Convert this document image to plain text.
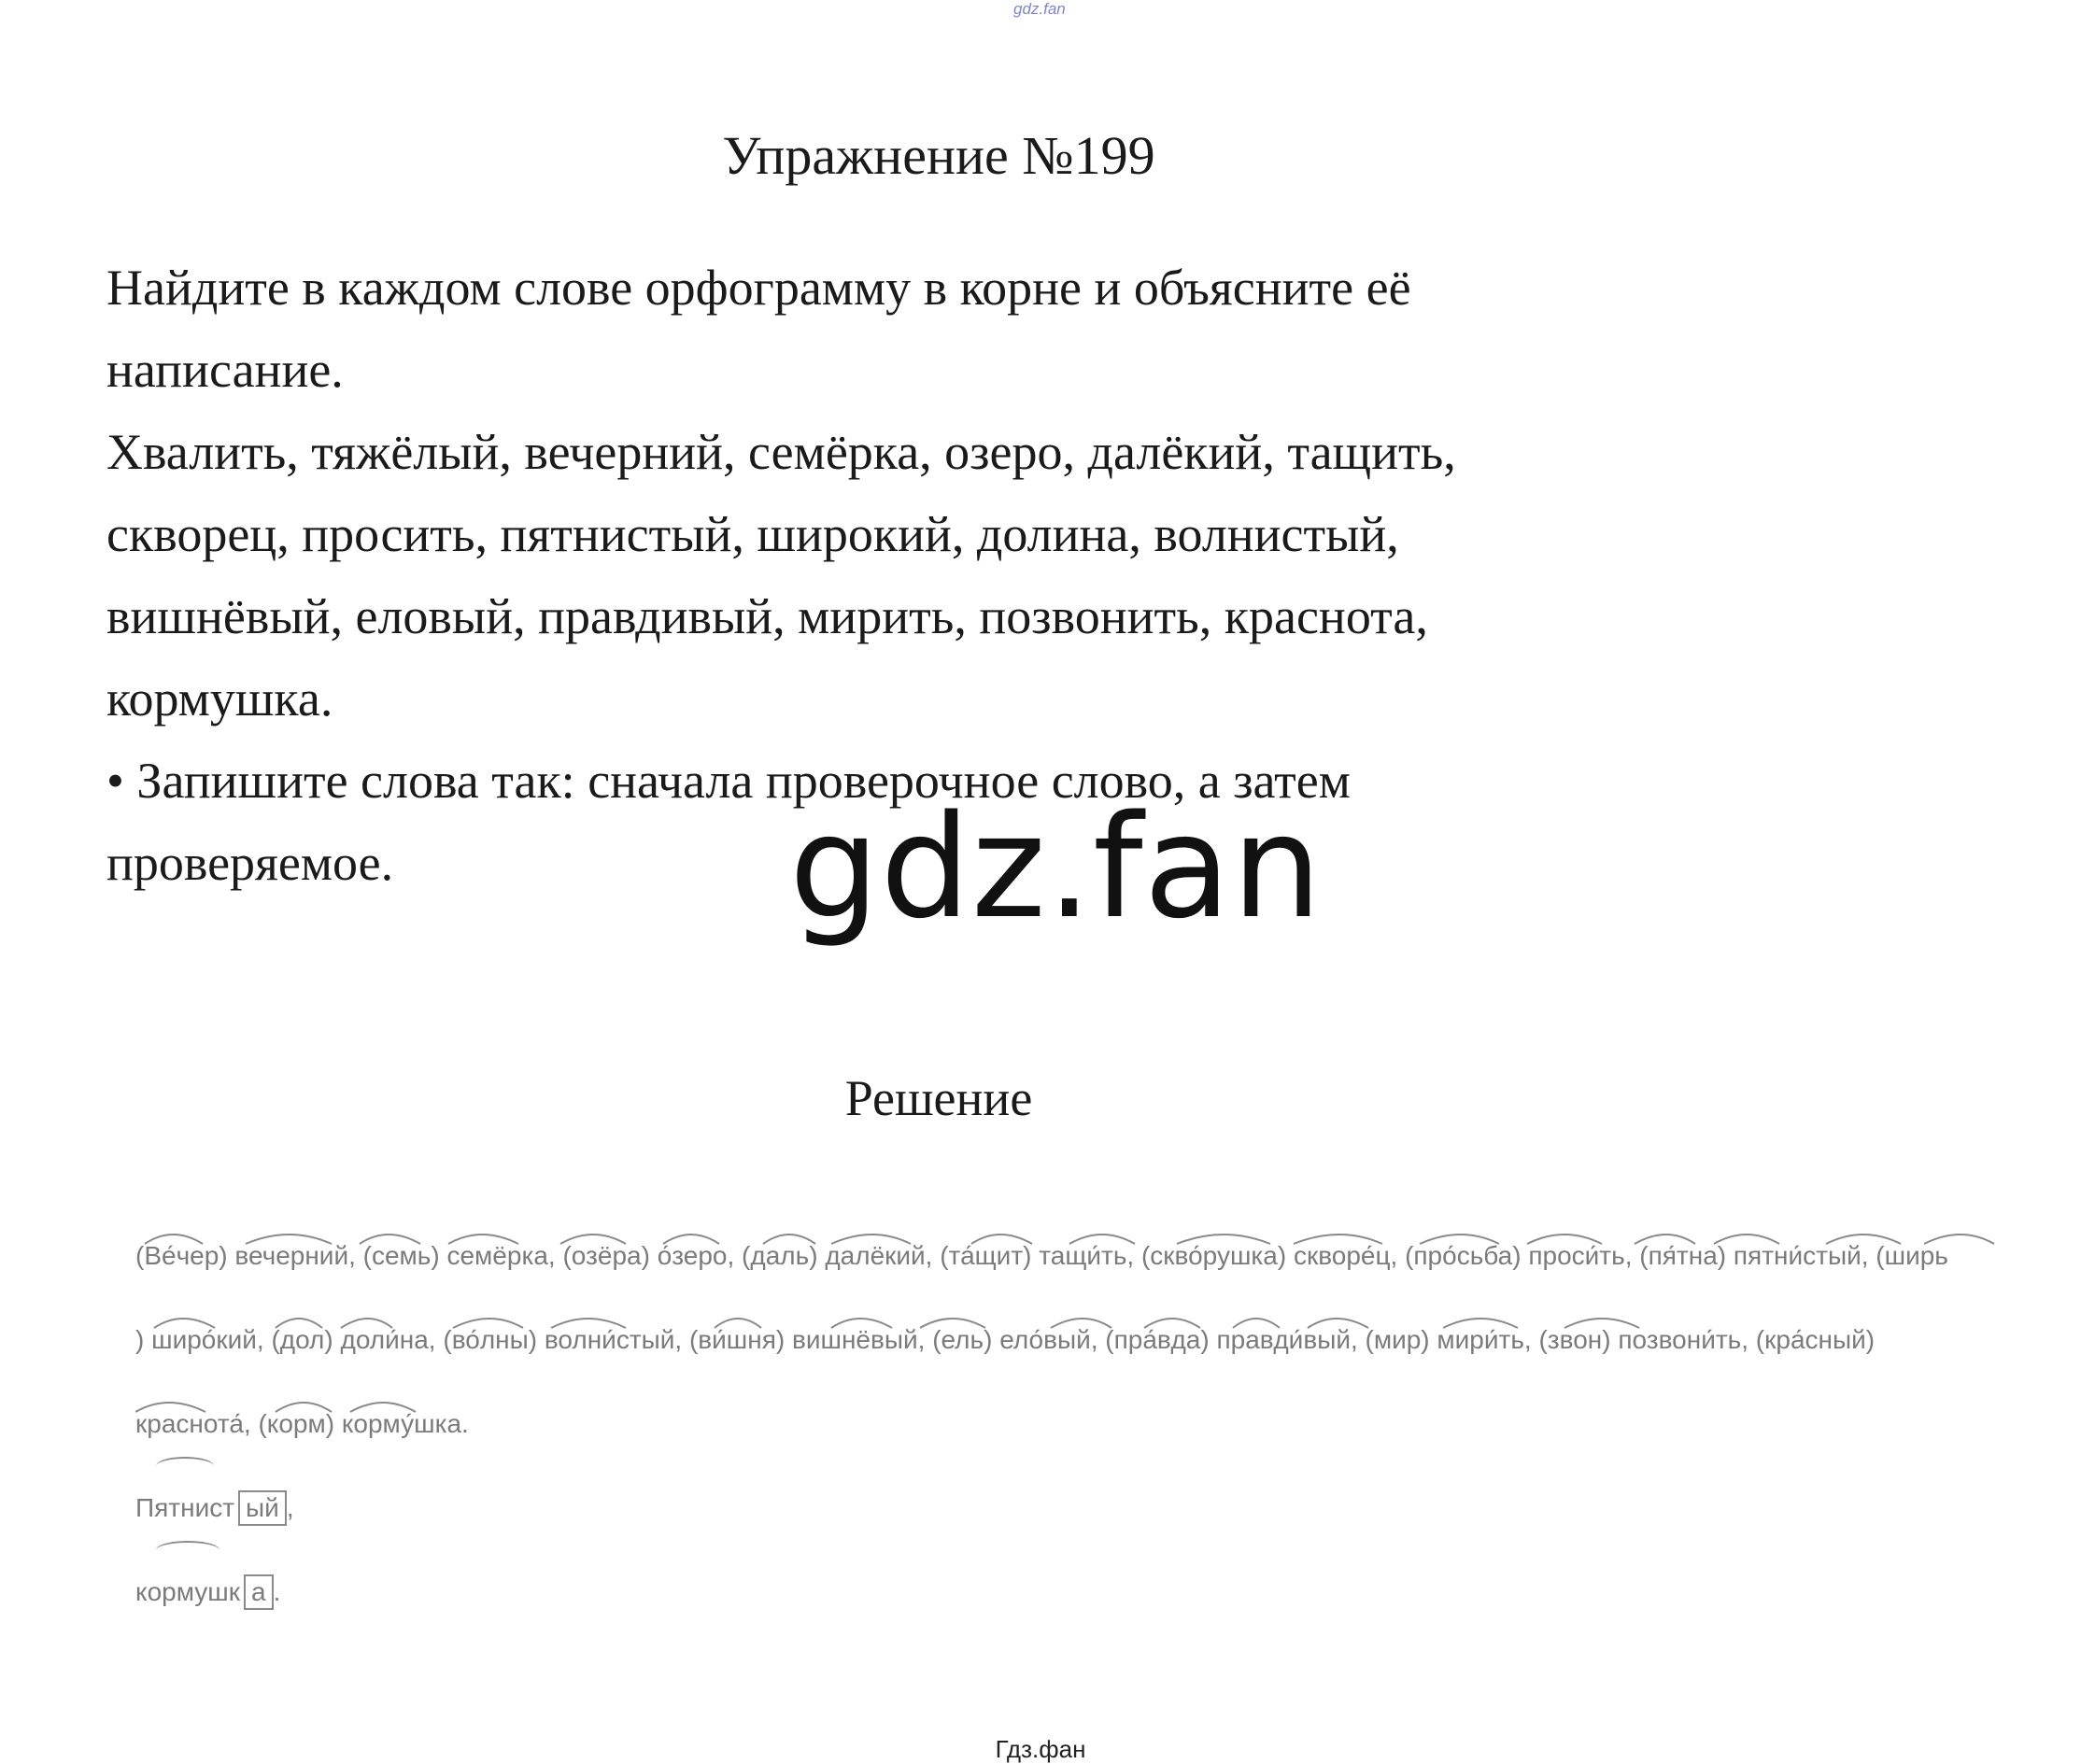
gdz.fan
Упражнение №199

Найдите в каждом слове орфограмму в корне и объясните её

написание.

Хвалить, тяжёлый, вечерний, семёрка, озеро, далёкий, тащить,

скворец, просить, пятнистый, широкий, долина, волнистый,

вишнёвый, еловый, правдивый, мирить, позвонить, краснота,

кормушка.

• Запишите слова так: сначала проверочное слово, а затем

проверяемое.	gdz.fan
Решение
(Ве́чер) вечерний, (семь) семёрка, (озёра) о́зеро, (даль) далёкий, (та́щит) тащи́ть, (скво́рушка) скворе́ц, (про́сьба) проси́ть, (пя́тна) пятни́стый, (ширь
) широ́кий, (дол) доли́на, (во́лны) волни́стый, (ви́шня) вишнёвый, (ель) ело́вый, (пра́вда) правди́вый, (мир) мири́ть, (звон) позвони́ть, (кра́сный)
краснота́, (корм) корму́шка.
Пятнист ый ,
кормушк а .
Гдз.фан
